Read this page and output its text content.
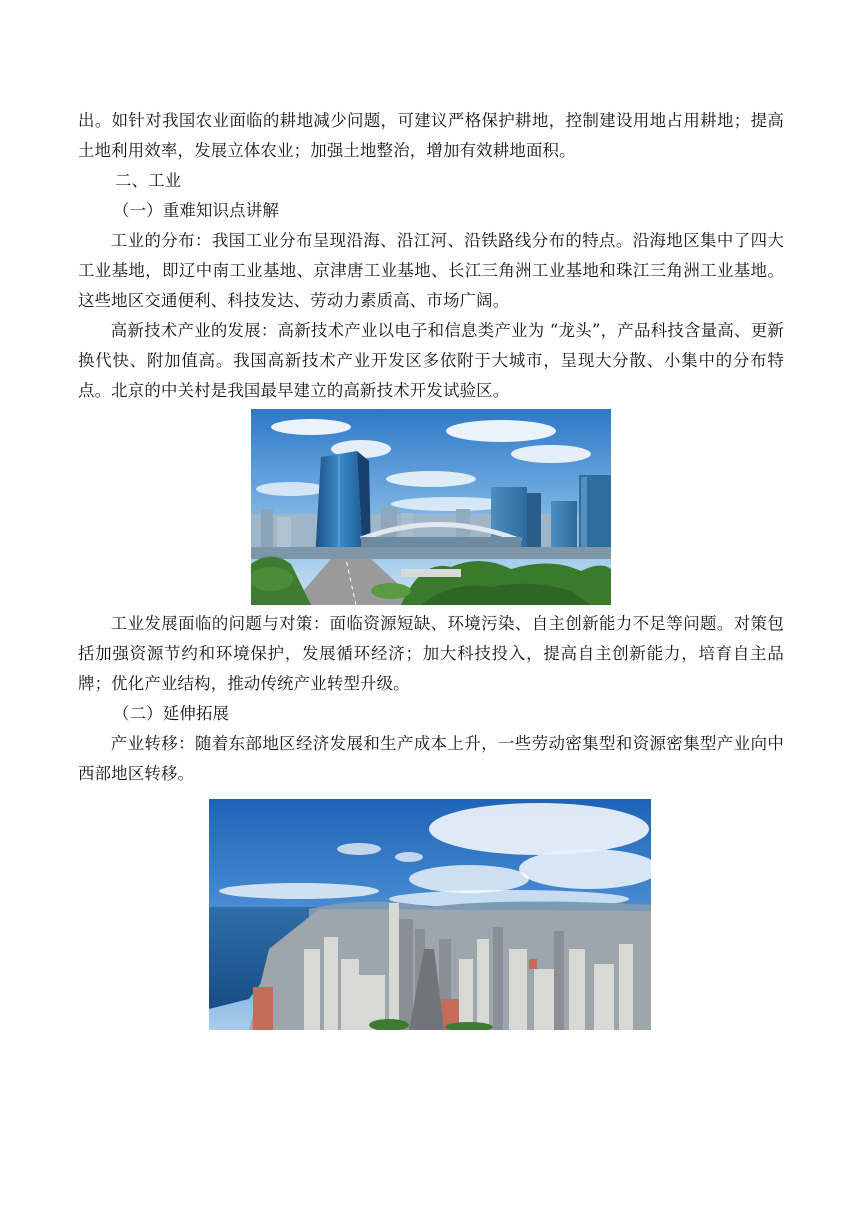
出。如针对我国农业面临的耕地减少问题，可建议严格保护耕地，控制建设用地占用耕地；提高土地利用效率，发展立体农业；加强土地整治，增加有效耕地面积。

二、工业

（一）重难知识点讲解

工业的分布：我国工业分布呈现沿海、沿江河、沿铁路线分布的特点。沿海地区集中了四大工业基地，即辽中南工业基地、京津唐工业基地、长江三角洲工业基地和珠江三角洲工业基地。这些地区交通便利、科技发达、劳动力素质高、市场广阔。

高新技术产业的发展：高新技术产业以电子和信息类产业为 “龙头”，产品科技含量高、更新换代快、附加值高。我国高新技术产业开发区多依附于大城市，呈现大分散、小集中的分布特点。北京的中关村是我国最早建立的高新技术开发试验区。

工业发展面临的问题与对策：面临资源短缺、环境污染、自主创新能力不足等问题。对策包括加强资源节约和环境保护，发展循环经济；加大科技投入，提高自主创新能力，培育自主品牌；优化产业结构，推动传统产业转型升级。

（二）延伸拓展

产业转移：随着东部地区经济发展和生产成本上升，一些劳动密集型和资源密集型产业向中西部地区转移。
